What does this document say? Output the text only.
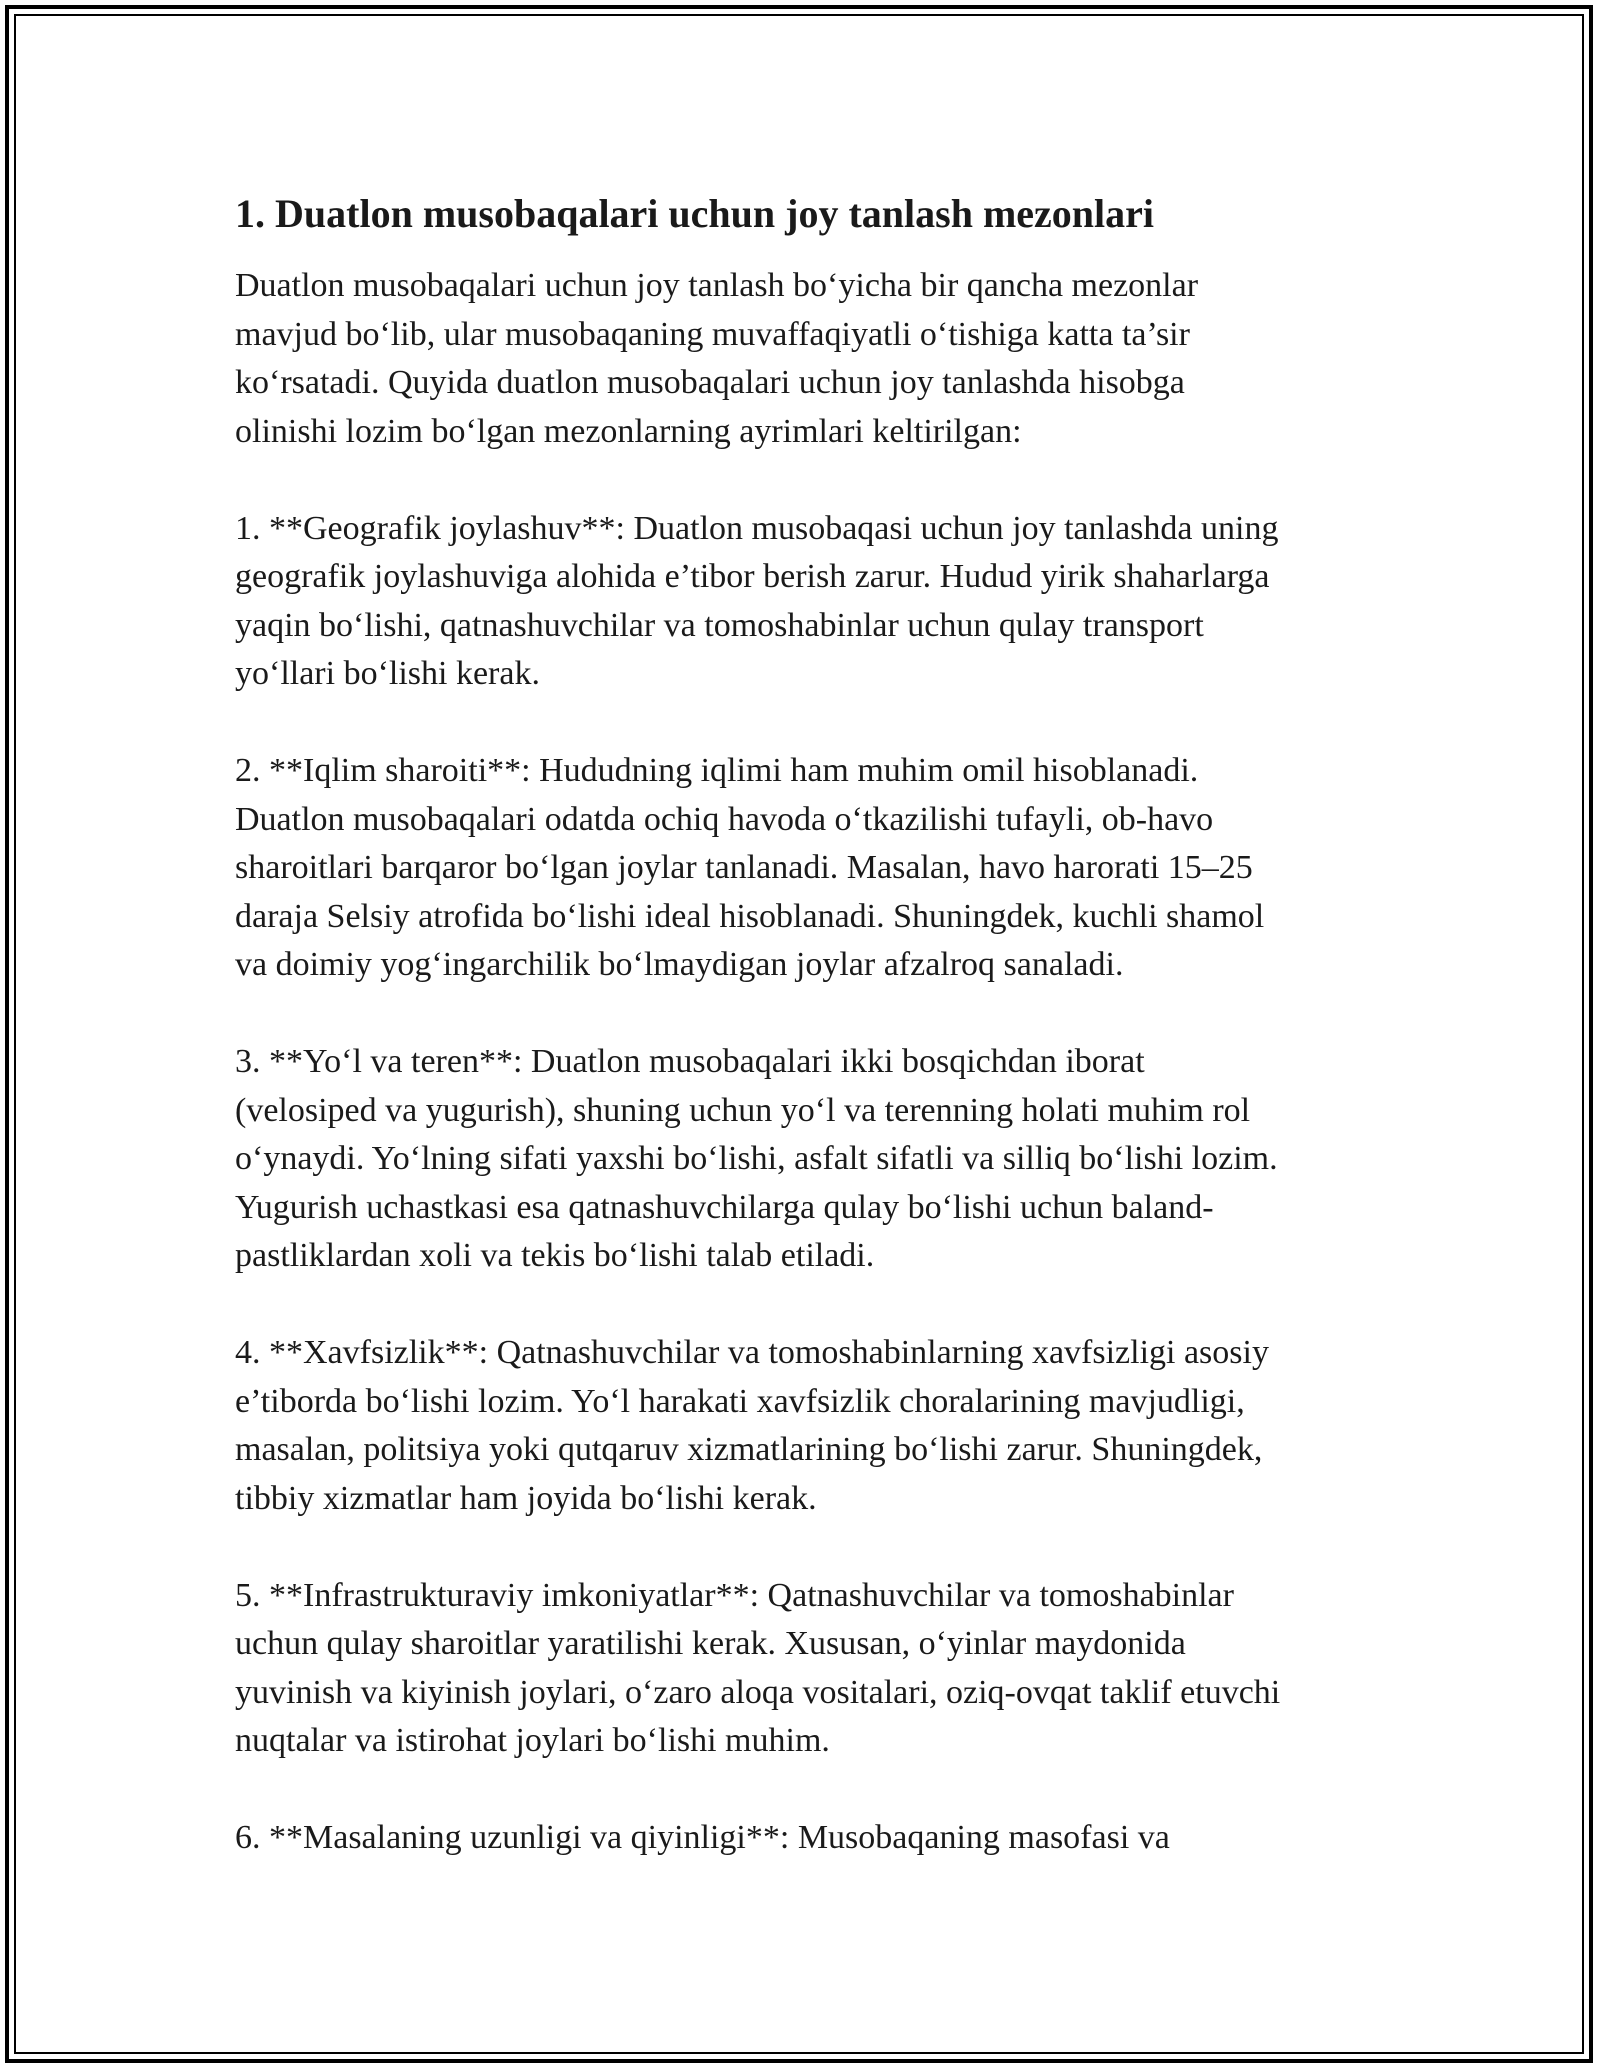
1. Duatlon musobaqalari uchun joy tanlash mezonlari
Duatlon musobaqalari uchun joy tanlash bo‘yicha bir qancha mezonlar
mavjud bo‘lib, ular musobaqaning muvaffaqiyatli o‘tishiga katta ta’sir
ko‘rsatadi. Quyida duatlon musobaqalari uchun joy tanlashda hisobga
olinishi lozim bo‘lgan mezonlarning ayrimlari keltirilgan:
1. **Geografik joylashuv**: Duatlon musobaqasi uchun joy tanlashda uning
geografik joylashuviga alohida e’tibor berish zarur. Hudud yirik shaharlarga
yaqin bo‘lishi, qatnashuvchilar va tomoshabinlar uchun qulay transport
yo‘llari bo‘lishi kerak.
2. **Iqlim sharoiti**: Hududning iqlimi ham muhim omil hisoblanadi.
Duatlon musobaqalari odatda ochiq havoda o‘tkazilishi tufayli, ob-havo
sharoitlari barqaror bo‘lgan joylar tanlanadi. Masalan, havo harorati 15–25
daraja Selsiy atrofida bo‘lishi ideal hisoblanadi. Shuningdek, kuchli shamol
va doimiy yog‘ingarchilik bo‘lmaydigan joylar afzalroq sanaladi.
3. **Yo‘l va teren**: Duatlon musobaqalari ikki bosqichdan iborat
(velosiped va yugurish), shuning uchun yo‘l va terenning holati muhim rol
o‘ynaydi. Yo‘lning sifati yaxshi bo‘lishi, asfalt sifatli va silliq bo‘lishi lozim.
Yugurish uchastkasi esa qatnashuvchilarga qulay bo‘lishi uchun baland-
pastliklardan xoli va tekis bo‘lishi talab etiladi.
4. **Xavfsizlik**: Qatnashuvchilar va tomoshabinlarning xavfsizligi asosiy
e’tiborda bo‘lishi lozim. Yo‘l harakati xavfsizlik choralarining mavjudligi,
masalan, politsiya yoki qutqaruv xizmatlarining bo‘lishi zarur. Shuningdek,
tibbiy xizmatlar ham joyida bo‘lishi kerak.
5. **Infrastrukturaviy imkoniyatlar**: Qatnashuvchilar va tomoshabinlar
uchun qulay sharoitlar yaratilishi kerak. Xususan, o‘yinlar maydonida
yuvinish va kiyinish joylari, o‘zaro aloqa vositalari, oziq-ovqat taklif etuvchi
nuqtalar va istirohat joylari bo‘lishi muhim.
6. **Masalaning uzunligi va qiyinligi**: Musobaqaning masofasi va
